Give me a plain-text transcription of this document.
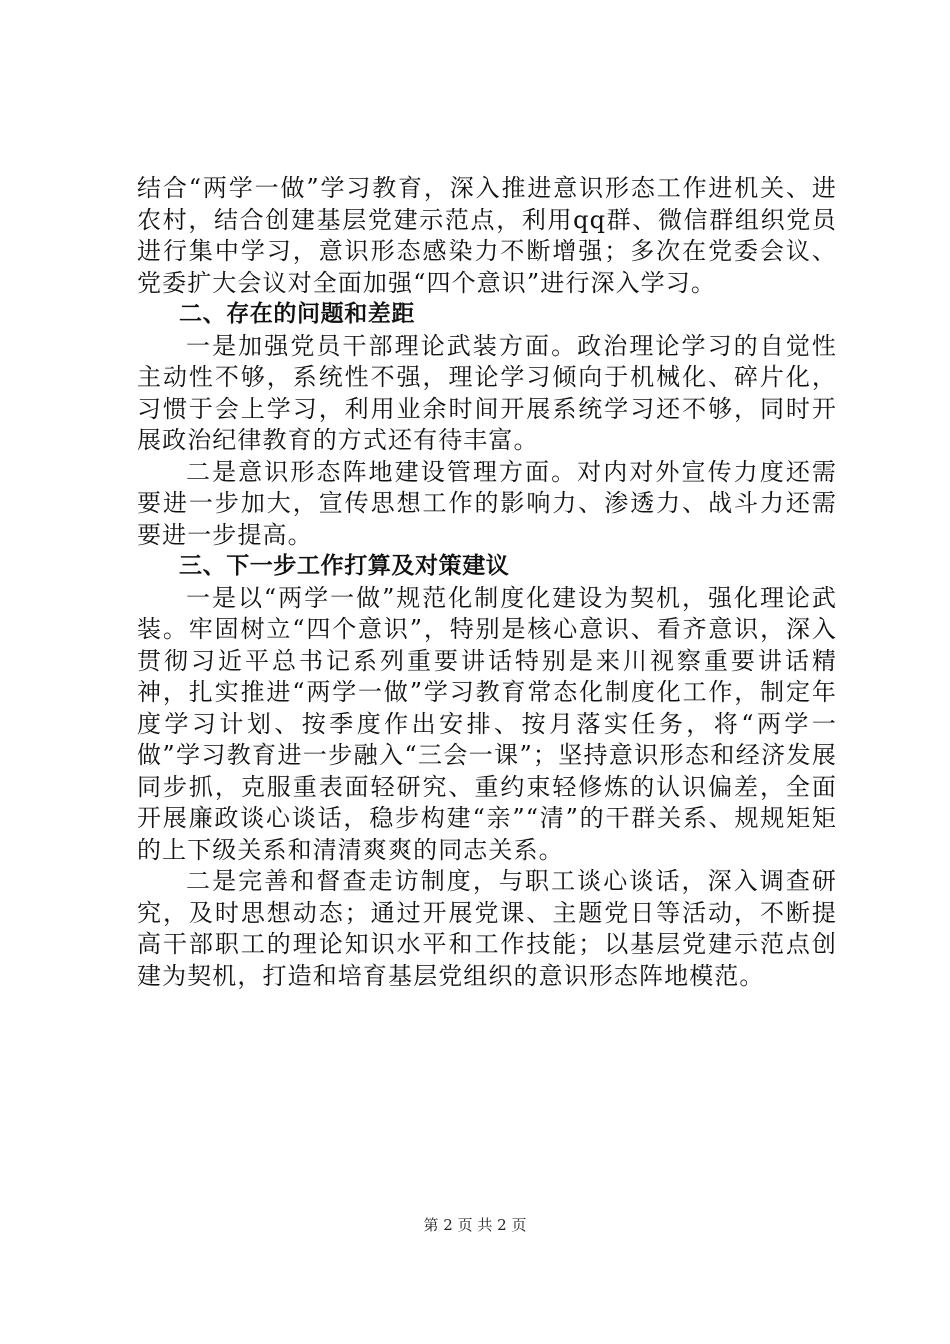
结合“两学一做”学习教育，深入推进意识形态工作进机关、进农村，结合创建基层党建示范点，利用qq群、微信群组织党员进行集中学习，意识形态感染力不断增强；多次在党委会议、党委扩大会议对全面加强“四个意识”进行深入学习。

二、存在的问题和差距

一是加强党员干部理论武装方面。政治理论学习的自觉性主动性不够，系统性不强，理论学习倾向于机械化、碎片化，习惯于会上学习，利用业余时间开展系统学习还不够，同时开展政治纪律教育的方式还有待丰富。

二是意识形态阵地建设管理方面。对内对外宣传力度还需要进一步加大，宣传思想工作的影响力、渗透力、战斗力还需要进一步提高。

三、下一步工作打算及对策建议

一是以“两学一做”规范化制度化建设为契机，强化理论武装。牢固树立“四个意识”，特别是核心意识、看齐意识，深入贯彻习近平总书记系列重要讲话特别是来川视察重要讲话精神，扎实推进“两学一做”学习教育常态化制度化工作，制定年度学习计划、按季度作出安排、按月落实任务，将“两学一做”学习教育进一步融入“三会一课”；坚持意识形态和经济发展同步抓，克服重表面轻研究、重约束轻修炼的认识偏差，全面开展廉政谈心谈话，稳步构建“亲”“清”的干群关系、规规矩矩的上下级关系和清清爽爽的同志关系。

二是完善和督查走访制度，与职工谈心谈话，深入调查研究，及时思想动态；通过开展党课、主题党日等活动，不断提高干部职工的理论知识水平和工作技能；以基层党建示范点创建为契机，打造和培育基层党组织的意识形态阵地模范。

第 2 页 共 2 页
